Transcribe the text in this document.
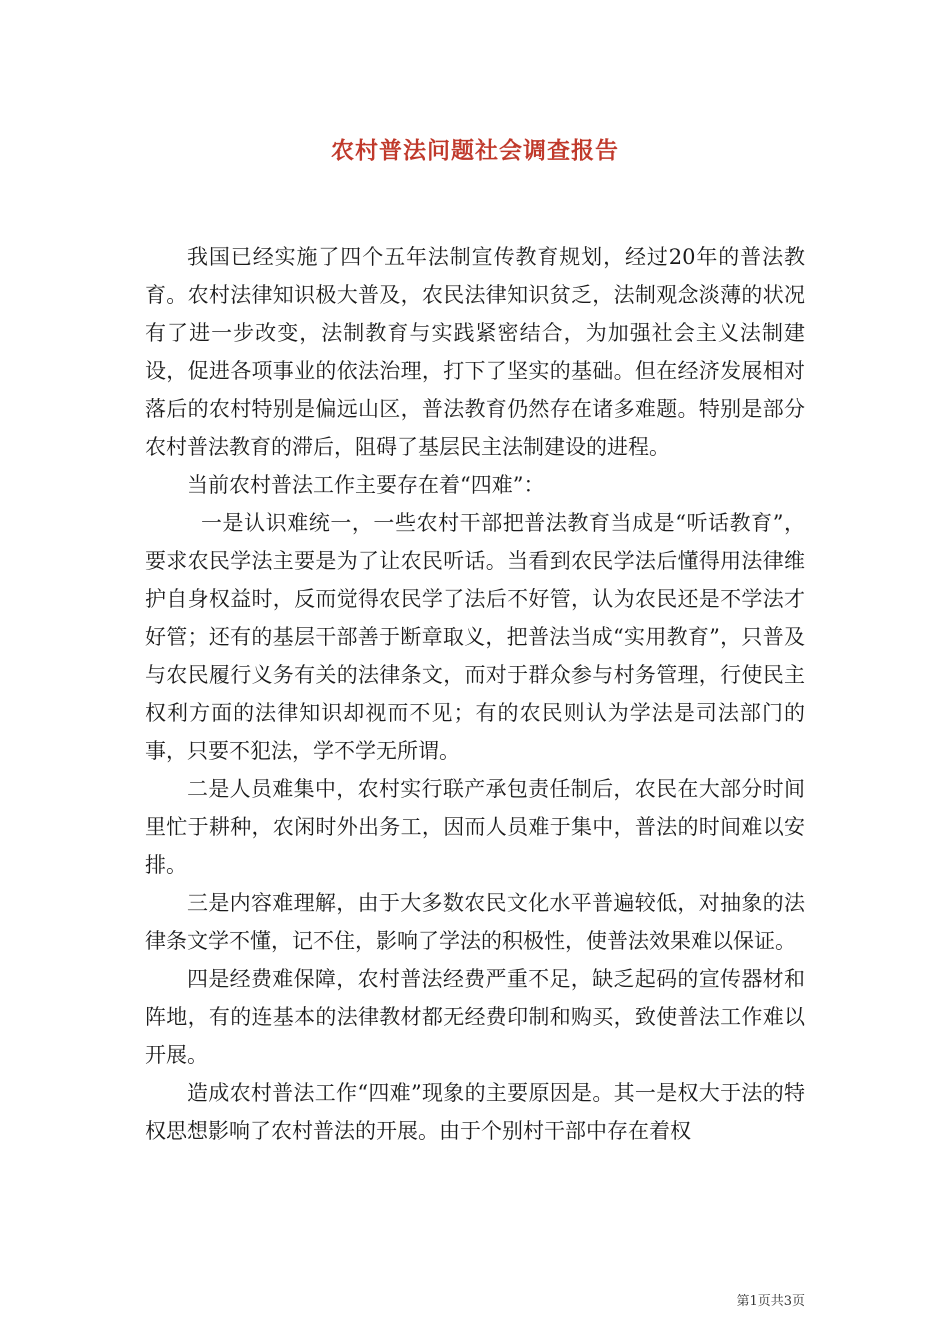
农村普法问题社会调查报告

我国已经实施了四个五年法制宣传教育规划，经过20年的普法教育。农村法律知识极大普及，农民法律知识贫乏，法制观念淡薄的状况有了进一步改变，法制教育与实践紧密结合，为加强社会主义法制建设，促进各项事业的依法治理，打下了坚实的基础。但在经济发展相对落后的农村特别是偏远山区，普法教育仍然存在诸多难题。特别是部分农村普法教育的滞后，阻碍了基层民主法制建设的进程。

当前农村普法工作主要存在着“四难”：

一是认识难统一，一些农村干部把普法教育当成是“听话教育”，要求农民学法主要是为了让农民听话。当看到农民学法后懂得用法律维护自身权益时，反而觉得农民学了法后不好管，认为农民还是不学法才好管；还有的基层干部善于断章取义，把普法当成“实用教育”，只普及与农民履行义务有关的法律条文，而对于群众参与村务管理，行使民主权利方面的法律知识却视而不见；有的农民则认为学法是司法部门的事，只要不犯法，学不学无所谓。

二是人员难集中，农村实行联产承包责任制后，农民在大部分时间里忙于耕种，农闲时外出务工，因而人员难于集中，普法的时间难以安排。

三是内容难理解，由于大多数农民文化水平普遍较低，对抽象的法律条文学不懂，记不住，影响了学法的积极性，使普法效果难以保证。

四是经费难保障，农村普法经费严重不足，缺乏起码的宣传器材和阵地，有的连基本的法律教材都无经费印制和购买，致使普法工作难以开展。

造成农村普法工作“四难”现象的主要原因是。其一是权大于法的特权思想影响了农村普法的开展。由于个别村干部中存在着权

第1页共3页
